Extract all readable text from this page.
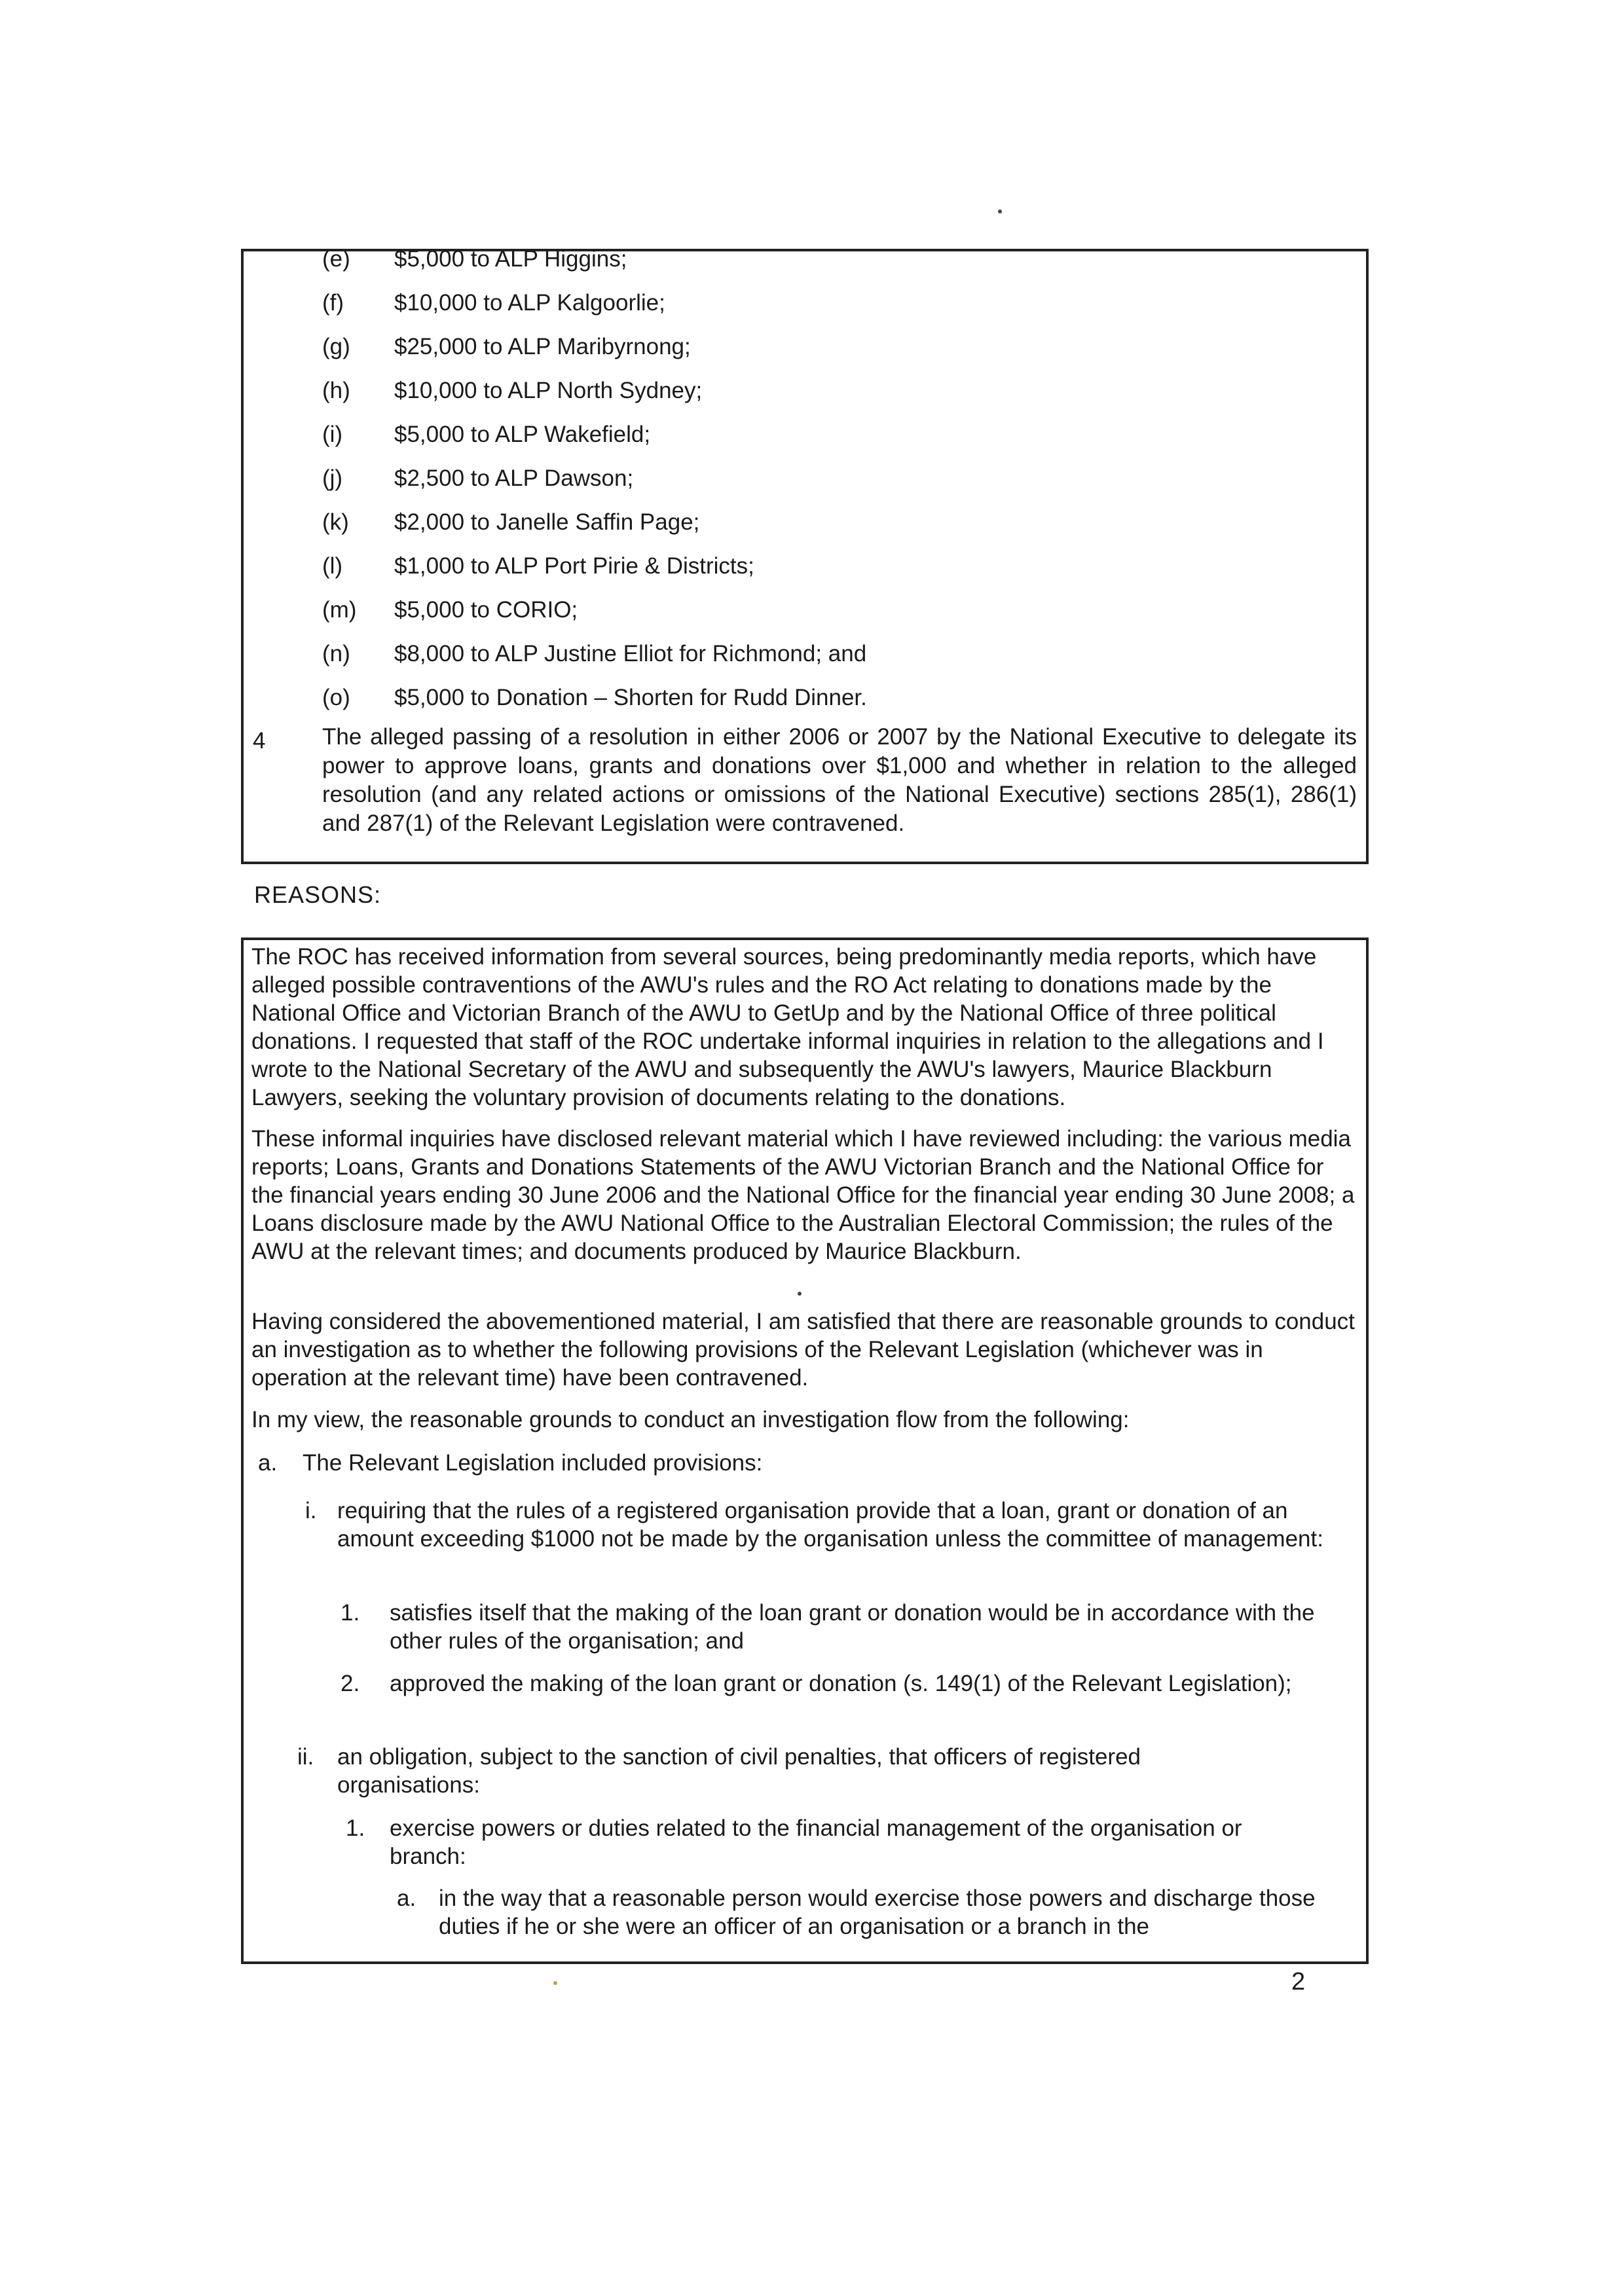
(e) $5,000 to ALP Higgins;
(f) $10,000 to ALP Kalgoorlie;
(g) $25,000 to ALP Maribyrnong;
(h) $10,000 to ALP North Sydney;
(i) $5,000 to ALP Wakefield;
(j) $2,500 to ALP Dawson;
(k) $2,000 to Janelle Saffin Page;
(l) $1,000 to ALP Port Pirie & Districts;
(m) $5,000 to CORIO;
(n) $8,000 to ALP Justine Elliot for Richmond; and
(o) $5,000 to Donation – Shorten for Rudd Dinner.
4 The alleged passing of a resolution in either 2006 or 2007 by the National Executive to delegate its power to approve loans, grants and donations over $1,000 and whether in relation to the alleged resolution (and any related actions or omissions of the National Executive) sections 285(1), 286(1) and 287(1) of the Relevant Legislation were contravened.
REASONS:
The ROC has received information from several sources, being predominantly media reports, which have alleged possible contraventions of the AWU's rules and the RO Act relating to donations made by the National Office and Victorian Branch of the AWU to GetUp and by the National Office of three political donations. I requested that staff of the ROC undertake informal inquiries in relation to the allegations and I wrote to the National Secretary of the AWU and subsequently the AWU's lawyers, Maurice Blackburn Lawyers, seeking the voluntary provision of documents relating to the donations.
These informal inquiries have disclosed relevant material which I have reviewed including: the various media reports; Loans, Grants and Donations Statements of the AWU Victorian Branch and the National Office for the financial years ending 30 June 2006 and the National Office for the financial year ending 30 June 2008; a Loans disclosure made by the AWU National Office to the Australian Electoral Commission; the rules of the AWU at the relevant times; and documents produced by Maurice Blackburn.
Having considered the abovementioned material, I am satisfied that there are reasonable grounds to conduct an investigation as to whether the following provisions of the Relevant Legislation (whichever was in operation at the relevant time) have been contravened.
In my view, the reasonable grounds to conduct an investigation flow from the following:
a. The Relevant Legislation included provisions:
i. requiring that the rules of a registered organisation provide that a loan, grant or donation of an amount exceeding $1000 not be made by the organisation unless the committee of management:
1. satisfies itself that the making of the loan grant or donation would be in accordance with the other rules of the organisation; and
2. approved the making of the loan grant or donation (s. 149(1) of the Relevant Legislation);
ii. an obligation, subject to the sanction of civil penalties, that officers of registered organisations:
1. exercise powers or duties related to the financial management of the organisation or branch:
a. in the way that a reasonable person would exercise those powers and discharge those duties if he or she were an officer of an organisation or a branch in the
2
